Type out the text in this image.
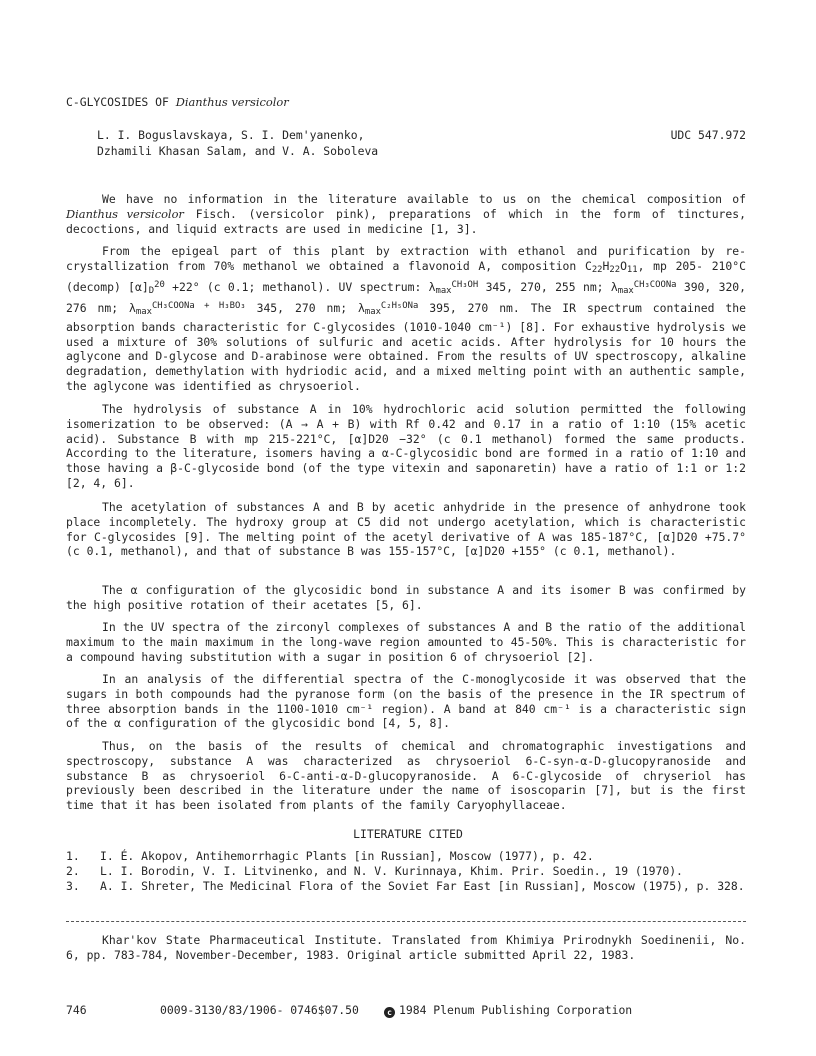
C-GLYCOSIDES OF Dianthus versicolor
L. I. Boguslavskaya, S. I. Dem'yanenko,
Dzhamili Khasan Salam, and V. A. Soboleva
UDC 547.972
We have no information in the literature available to us on the chemical composition of Dianthus versicolor Fisch. (versicolor pink), preparations of which in the form of tinctures, decoctions, and liquid extracts are used in medicine [1, 3].
From the epigeal part of this plant by extraction with ethanol and purification by re- crystallization from 70% methanol we obtained a flavonoid A, composition $C_{22}H_{22}O_{11}$, mp 205- 210°C (decomp) $[\alpha]_D^{20} +22^\circ$ (c 0.1; methanol). UV spectrum: $\lambda_{max}^{CH_3OH}$ 345, 270, 255 nm; $\lambda_{max}^{CH_3COONa}$ 390, 320, 276 nm; $\lambda_{max}^{CH_3COONa + H_3BO_3}$ 345, 270 nm; $\lambda_{max}^{C_2H_5ONa}$ 395, 270 nm. The IR spectrum contained the absorption bands characteristic for C-glycosides (1010-1040 cm⁻¹) [8]. For exhaustive hydrolysis we used a mixture of 30% solutions of sulfuric and acetic acids. After hydrolysis for 10 hours the aglycone and D-glycose and D-arabinose were obtained. From the results of UV spectroscopy, alkaline degradation, demethylation with hydriodic acid, and a mixed melting point with an authentic sample, the aglycone was identified as chrysoeriol.
The hydrolysis of substance A in 10% hydrochloric acid solution permitted the following isomerization to be observed: (A → A + B) with Rf 0.42 and 0.17 in a ratio of 1:10 (15% acetic acid). Substance B with mp 215-221°C, [α]D20 −32° (c 0.1 methanol) formed the same products. According to the literature, isomers having a α-C-glycosidic bond are formed in a ratio of 1:10 and those having a β-C-glycoside bond (of the type vitexin and saponaretin) have a ratio of 1:1 or 1:2 [2, 4, 6].
The acetylation of substances A and B by acetic anhydride in the presence of anhydrone took place incompletely. The hydroxy group at C5 did not undergo acetylation, which is characteristic for C-glycosides [9]. The melting point of the acetyl derivative of A was 185-187°C, [α]D20 +75.7° (c 0.1, methanol), and that of substance B was 155-157°C, [α]D20 +155° (c 0.1, methanol).
The α configuration of the glycosidic bond in substance A and its isomer B was confirmed by the high positive rotation of their acetates [5, 6].
In the UV spectra of the zirconyl complexes of substances A and B the ratio of the additional maximum to the main maximum in the long-wave region amounted to 45-50%. This is characteristic for a compound having substitution with a sugar in position 6 of chrysoeriol [2].
In an analysis of the differential spectra of the C-monoglycoside it was observed that the sugars in both compounds had the pyranose form (on the basis of the presence in the IR spectrum of three absorption bands in the 1100-1010 cm⁻¹ region). A band at 840 cm⁻¹ is a characteristic sign of the α configuration of the glycosidic bond [4, 5, 8].
Thus, on the basis of the results of chemical and chromatographic investigations and spectroscopy, substance A was characterized as chrysoeriol 6-C-syn-α-D-glucopyranoside and substance B as chrysoeriol 6-C-anti-α-D-glucopyranoside. A 6-C-glycoside of chryseriol has previously been described in the literature under the name of isoscoparin [7], but is the first time that it has been isolated from plants of the family Caryophyllaceae.
LITERATURE CITED
1. I. É. Akopov, Antihemorrhagic Plants [in Russian], Moscow (1977), p. 42.
2. L. I. Borodin, V. I. Litvinenko, and N. V. Kurinnaya, Khim. Prir. Soedin., 19 (1970).
3. A. I. Shreter, The Medicinal Flora of the Soviet Far East [in Russian], Moscow (1975), p. 328.
Khar'kov State Pharmaceutical Institute. Translated from Khimiya Prirodnykh Soedinenii, No. 6, pp. 783-784, November-December, 1983. Original article submitted April 22, 1983.
746	0009-3130/83/1906- 0746$07.50	c 1984 Plenum Publishing Corporation
